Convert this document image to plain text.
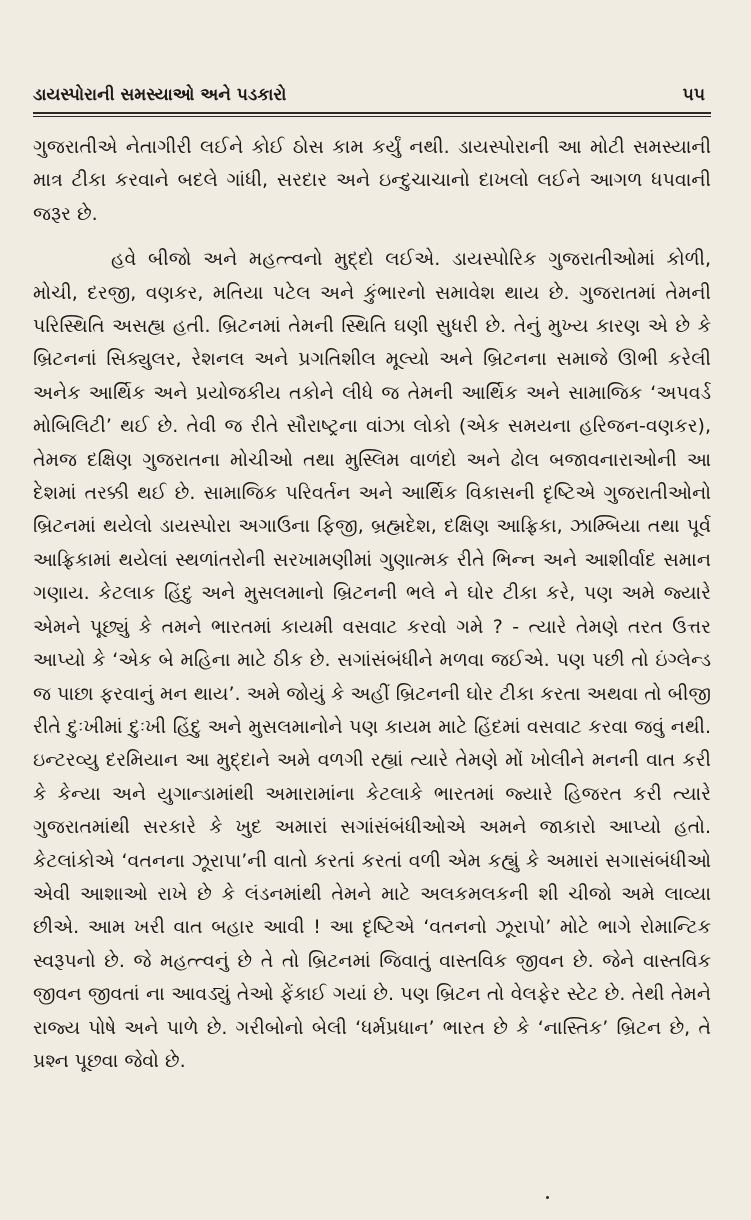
ડાયસ્પોરાની સમસ્યાઓ અને પડકારો	૫૫

ગુજરાતીએ નેતાગીરી લઈને કોઈ ઠોસ કામ કર્યું નથી. ડાયસ્પોરાની આ મોટી સમસ્યાની માત્ર ટીકા કરવાને બદલે ગાંધી, સરદાર અને ઇન્દુચાચાનો દાખલો લઈને આગળ ધપવાની જરૂર છે.

હવે બીજો અને મહત્ત્વનો મુદ્દો લઈએ. ડાયસ્પોરિક ગુજરાતીઓમાં કોળી, મોચી, દરજી, વણકર, મતિયા પટેલ અને કુંભારનો સમાવેશ થાય છે. ગુજરાતમાં તેમની પરિસ્થિતિ અસહ્ય હતી. બ્રિટનમાં તેમની સ્થિતિ ઘણી સુધરી છે. તેનું મુખ્ય કારણ એ છે કે બ્રિટનનાં સિક્યુલર, રેશનલ અને પ્રગતિશીલ મૂલ્યો અને બ્રિટનના સમાજે ઊભી કરેલી અનેક આર્થિક અને પ્રયોજકીય તકોને લીધે જ તેમની આર્થિક અને સામાજિક ‘અપવર્ડ મોબિલિટી’ થઈ છે. તેવી જ રીતે સૌરાષ્ટ્રના વાંઝા લોકો (એક સમયના હરિજન-વણકર), તેમજ દક્ષિણ ગુજરાતના મોચીઓ તથા મુસ્લિમ વાળંદો અને ઢોલ બજાવનારાઓની આ દેશમાં તરક્કી થઈ છે. સામાજિક પરિવર્તન અને આર્થિક વિકાસની દૃષ્ટિએ ગુજરાતીઓનો બ્રિટનમાં થયેલો ડાયસ્પોરા અગાઉના ફિજી, બ્રહ્મદેશ, દક્ષિણ આફ્રિકા, ઝામ્બિયા તથા પૂર્વ આફ્રિકામાં થયેલાં સ્થળાંતરોની સરખામણીમાં ગુણાત્મક રીતે ભિન્ન અને આશીર્વાદ સમાન ગણાય. કેટલાક હિંદુ અને મુસલમાનો બ્રિટનની ભલે ને ઘોર ટીકા કરે, પણ અમે જ્યારે એમને પૂછ્યું કે તમને ભારતમાં કાયમી વસવાટ કરવો ગમે ? - ત્યારે તેમણે તરત ઉત્તર આપ્યો કે ‘એક બે મહિના માટે ઠીક છે. સગાંસંબંધીને મળવા જઈએ. પણ પછી તો ઇંગ્લેન્ડ જ પાછા ફરવાનું મન થાય’. અમે જોયું કે અહીં બ્રિટનની ઘોર ટીકા કરતા અથવા તો બીજી રીતે દુઃખીમાં દુઃખી હિંદુ અને મુસલમાનોને પણ કાયમ માટે હિંદમાં વસવાટ કરવા જવું નથી. ઇન્ટરવ્યુ દરમિયાન આ મુદ્દાને અમે વળગી રહ્યાં ત્યારે તેમણે મોં ખોલીને મનની વાત કરી કે કેન્યા અને યુગાન્ડામાંથી અમારામાંના કેટલાકે ભારતમાં જ્યારે હિજરત કરી ત્યારે ગુજરાતમાંથી સરકારે કે ખુદ અમારાં સગાંસંબંધીઓએ અમને જાકારો આપ્યો હતો. કેટલાંકોએ ‘વતનના ઝૂરાપા’ની વાતો કરતાં કરતાં વળી એમ કહ્યું કે અમારાં સગાસંબંધીઓ એવી આશાઓ રાખે છે કે લંડનમાંથી તેમને માટે અલકમલકની શી ચીજો અમે લાવ્યા છીએ. આમ ખરી વાત બહાર આવી ! આ દૃષ્ટિએ ‘વતનનો ઝૂરાપો’ મોટે ભાગે રોમાન્ટિક સ્વરૂપનો છે. જે મહત્ત્વનું છે તે તો બ્રિટનમાં જિવાતું વાસ્તવિક જીવન છે. જેને વાસ્તવિક જીવન જીવતાં ના આવડ્યું તેઓ ફેંકાઈ ગયાં છે. પણ બ્રિટન તો વેલફેર સ્ટેટ છે. તેથી તેમને રાજ્ય પોષે અને પાળે છે. ગરીબોનો બેલી ‘ધર્મપ્રધાન’ ભારત છે કે ‘નાસ્તિક’ બ્રિટન છે, તે પ્રશ્ન પૂછવા જેવો છે.
